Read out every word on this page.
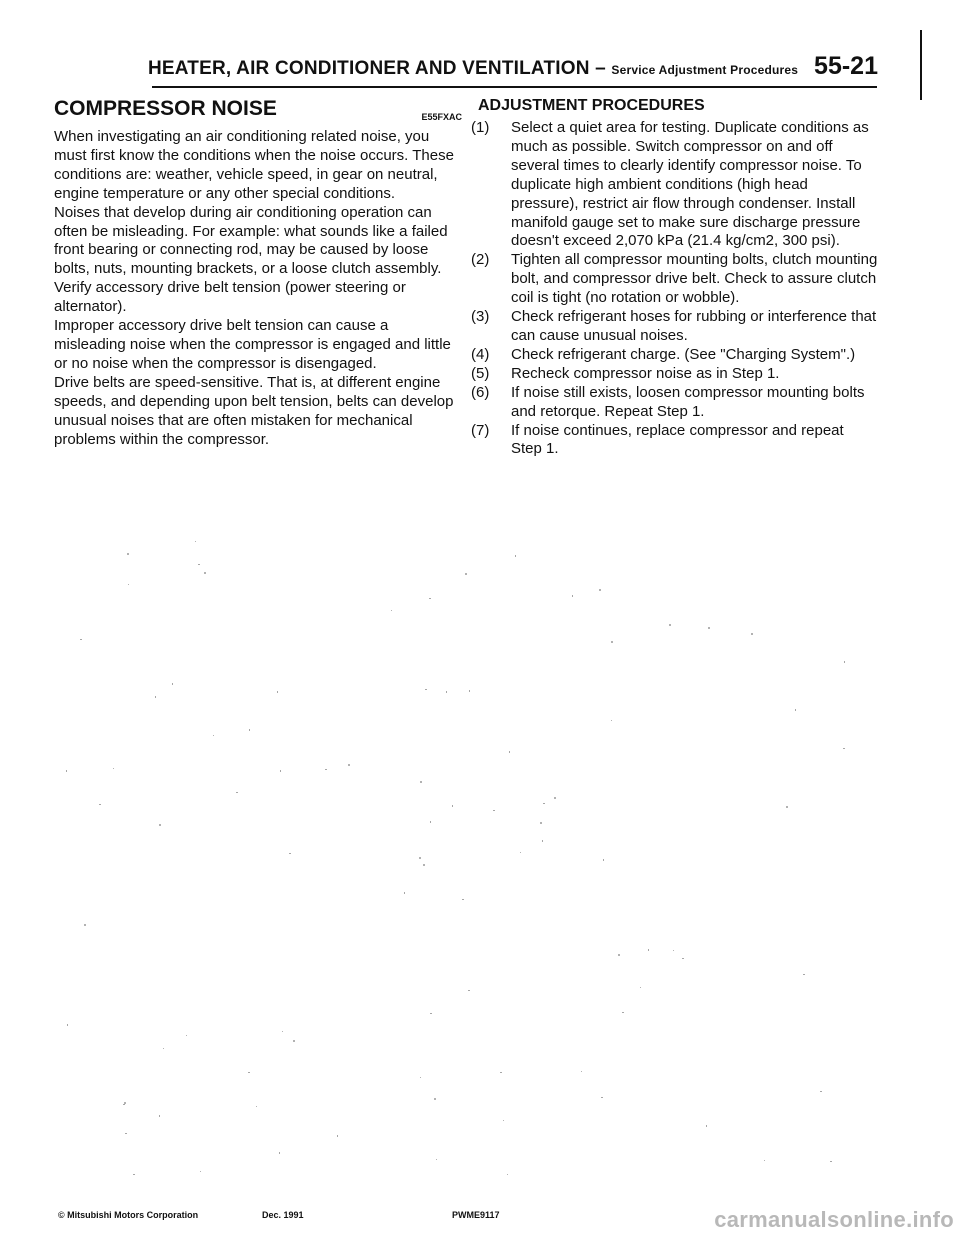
HEATER, AIR CONDITIONER AND VENTILATION – Service Adjustment Procedures 55-21
COMPRESSOR NOISE	E55FXAC

When investigating an air conditioning related noise, you must first know the conditions when the noise occurs. These conditions are: weather, vehicle speed, in gear on neutral, engine temperature or any other special conditions.

Noises that develop during air conditioning operation can often be misleading. For example: what sounds like a failed front bearing or connecting rod, may be caused by loose bolts, nuts, mounting brackets, or a loose clutch assembly. Verify accessory drive belt tension (power steering or alternator).

Improper accessory drive belt tension can cause a misleading noise when the compressor is engaged and little or no noise when the compressor is disengaged.

Drive belts are speed-sensitive. That is, at different engine speeds, and depending upon belt tension, belts can develop unusual noises that are often mistaken for mechanical problems within the compressor.

ADJUSTMENT PROCEDURES
(1) Select a quiet area for testing. Duplicate conditions as much as possible. Switch compressor on and off several times to clearly identify compressor noise. To duplicate high ambient conditions (high head pressure), restrict air flow through condenser. Install manifold gauge set to make sure discharge pressure doesn't exceed 2,070 kPa (21.4 kg/cm2, 300 psi).
(2) Tighten all compressor mounting bolts, clutch mounting bolt, and compressor drive belt. Check to assure clutch coil is tight (no rotation or wobble).
(3) Check refrigerant hoses for rubbing or interference that can cause unusual noises.
(4) Check refrigerant charge. (See "Charging System".)
(5) Recheck compressor noise as in Step 1.
(6) If noise still exists, loosen compressor mounting bolts and retorque. Repeat Step 1.
(7) If noise continues, replace compressor and repeat Step 1.
© Mitsubishi Motors Corporation	Dec. 1991	PWME9117	carmanualsonline.info
